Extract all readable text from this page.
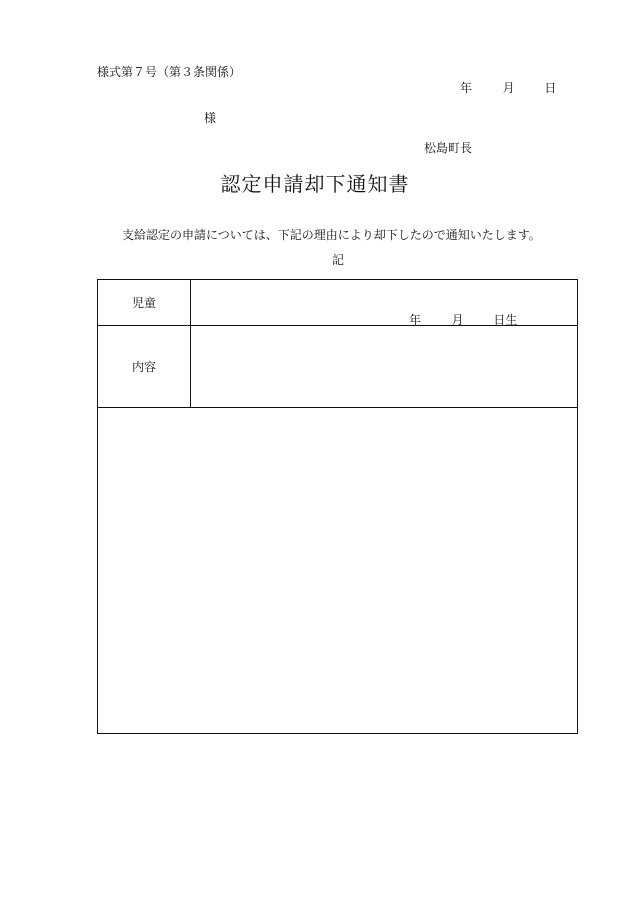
様式第７号（第３条関係）
年	月 日
様
松島町長
認定申請却下通知書
支給認定の申請については、下記の理由により却下したので通知いたします。
記
児童
年	月 日生
内容
